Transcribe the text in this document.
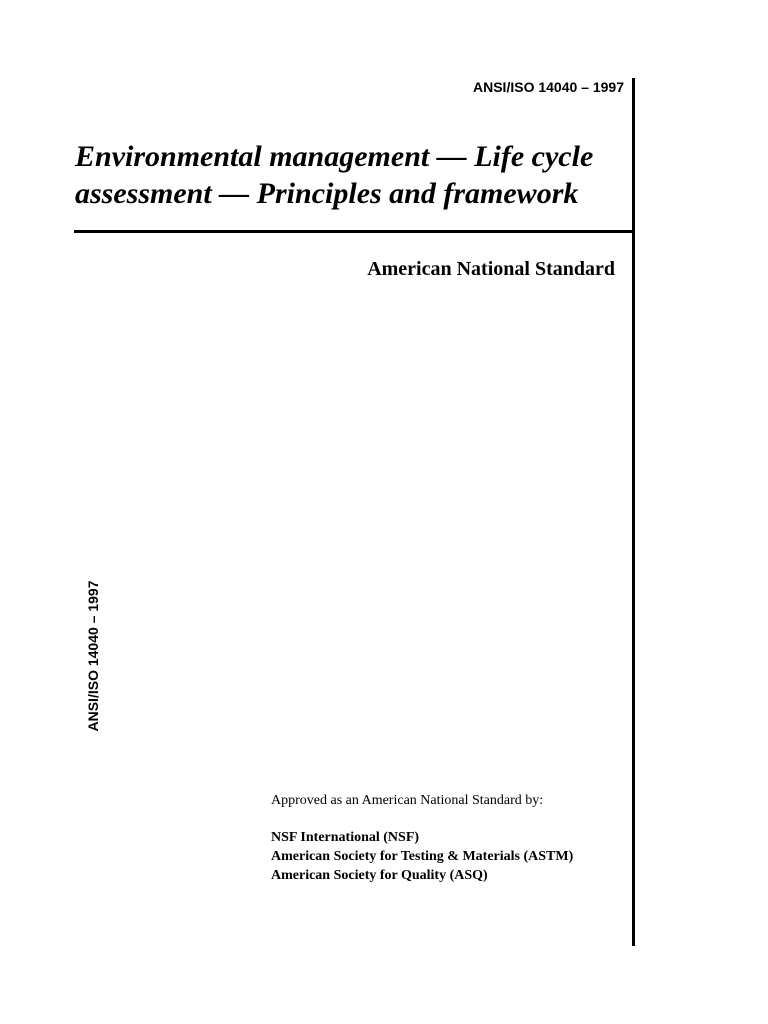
ANSI/ISO 14040 – 1997
Environmental management — Life cycle
assessment — Principles and framework
American National Standard
ANSI/ISO 14040 – 1997
Approved as an American National Standard by:
NSF International (NSF)
American Society for Testing & Materials (ASTM)
American Society for Quality (ASQ)
